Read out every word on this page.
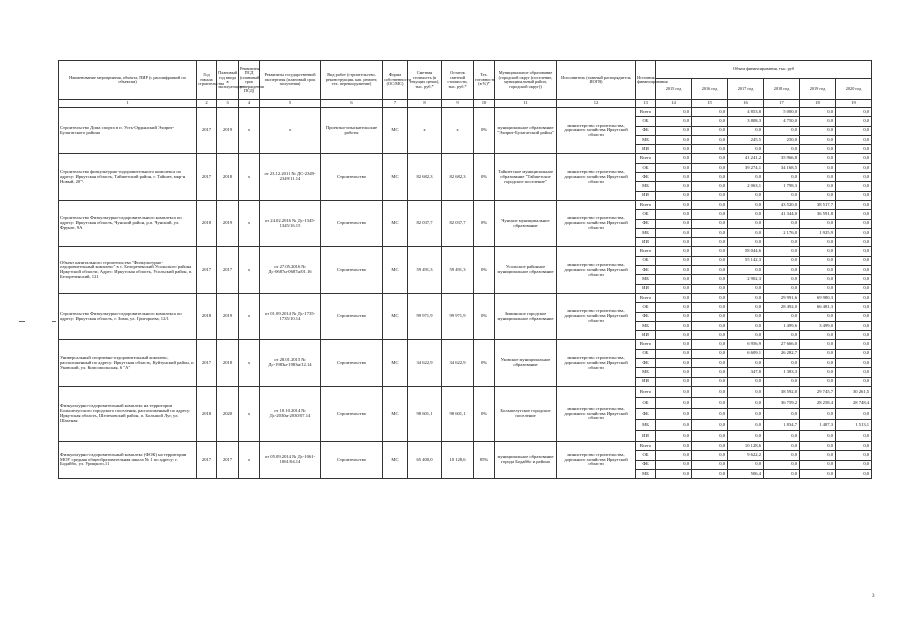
Наименование мероприятия, объекта, ПИР (с расшифровкой по объектам)	Год начала строительства	Плановый год ввода в эксплуатацию	Реквизиты ПСД (плановый срок утверждения ПСД)	Реквизиты государственной экспертизы (плановый срок получения)	Вид работ (строительство, реконструкция, кап. ремонт, тех. перевооружение)	Форма собственности (ОС/МС)	Сметная стоимость (в текущих ценах), тыс. руб.*	Остаток сметной стоимости, тыс. руб.*	Тех. готовность (в %)*	Муниципальное образование (городской округ (поселение, муниципальный район, городской округ))	Исполнитель (главный распорядитель ИОГВ)	Источник финансирования	Объем финансирования, тыс. руб					
													2015 год	2016 год	2017 год	2018 год	2019 год	2020 год
1	2	3	4	5	6	7	8	9	10	11	12	13	14	15	16	17	18	19
Строительство Дома спорта в п. Усть-Ордынский Эхирит-Булагатского района	2017	2019	х	х	Проектно-изыскательские работы	МС	х	х	0%	муниципальное образование "Эхирит-Булагатский район"	министерство строительства, дорожного хозяйства Иркутской области	Всего	0,0	0,0	4 853,8	5 000,0	0,0	0,0
												ОБ	0,0	0,0	3 808,3	4 750,0	0,0	0,0
												ФБ	0,0	0,0	0,0	0,0	0,0	0,0
												МБ	0,0	0,0	245,5	250,0	0,0	0,0
												ИИ	0,0	0,0	0,0	0,0	0,0	0,0
Строительство физкультурно-оздоровительного комплекса по адресу: Иркутская область, Тайшетский район, г. Тайшет, мкр-н Новый, 20"\	2017	2018	х	от 23.12.2011 № ДС-2349-2349/11.14	Строительство	МС	82 682,3	82 682,3	0%	Тайшетское муниципальное образование "Тайшетское городское поселение"	министерство строительства, дорожного хозяйства Иркутской области	Всего	0,0	0,0	41 241,2	35 966,8	0,0	0,0
												ОБ	0,0	0,0	39 274,1	34 168,5	0,0	0,0
												ФБ	0,0	0,0	0,0	0,0	0,0	0,0
												МБ	0,0	0,0	2 063,1	1 798,3	0,0	0,0
												ИИ	0,0	0,0	0,0	0,0	0,0	0,0
Строительство Физкультурно-оздоровительного комплекса по адресу: Иркутская область, Чунский район, р.п. Чунский, ул. Фрунзе, 9А	2018	2019	х	от 24.02.2016 № Дс-1345-1345/16.15	Строительство	МС	82 037,7	82 037,7	0%	Чунское муниципальное образование	министерство строительства, дорожного хозяйства Иркутской области	Всего	0,0	0,0	0,0	43 520,0	38 517,7	0,0
												ОБ	0,0	0,0	0,0	41 344,0	36 591,8	0,0
												ФБ	0,0	0,0	0,0	0,0	0,0	0,0
												МБ	0,0	0,0	0,0	2 176,0	1 925,9	0,0
												ИИ	0,0	0,0	0,0	0,0	0,0	0,0
Объект капитального строительства "Физкультурно-оздоровительный комплекс" в с. Белореченский Усольского района Иркутской области, Адрес: Иркутская область, Усольский район, п. Белореченский, 121	2017	2017	х	от 27.05.2016 № Дс-0687н-0687н/01.16	Строительство	МС	59 491,3	59 491,3	0%	Усольское районное муниципальное образование	министерство строительства, дорожного хозяйства Иркутской области	Всего	0,0	0,0	58 044,6	0,0	0,0	0,0
												ОБ	0,0	0,0	55 142,3	0,0	0,0	0,0
												ФБ	0,0	0,0	0,0	0,0	0,0	0,0
												МБ	0,0	0,0	2 902,3	0,0	0,0	0,0
												ИИ	0,0	0,0	0,0	0,0	0,0	0,0
Строительство Физкультурно-оздоровительного комплекса по адресу: Иркутская область, г. Зима, ул. Григорьева, 12/1	2018	2019	х	от 01.09.2014 № Дс-1735-1735/10.14	Строительство	МС	99 971,9	99 971,9	0%	Зиминское городское муниципальное образование	министерство строительства, дорожного хозяйства Иркутской области	Всего	0,0	0,0	0,0	29 991,6	69 980,3	0,0
												ОБ	0,0	0,0	0,0	28 492,0	66 481,3	0,0
												ФБ	0,0	0,0	0,0	0,0	0,0	0,0
												МБ	0,0	0,0	0,0	1 499,6	3 499,0	0,0
												ИИ	0,0	0,0	0,0	0,0	0,0	0,0
Универсальный спортивно-оздоровительный комплекс, расположенный по адресу: Иркутская область, Куйтунский район, п. Уковский, ул. Комсомольская, 6 "А"	2017	2018	х	от 28.01.2015 № Дс-1983н-1983н/12.14	Строительство	МС	34 622,9	34 622,9	0%	Уковское муниципальное образование	министерство строительства, дорожного хозяйства Иркутской области	Всего	0,0	0,0	6 956,9	27 666,0	0,0	0,0
												ОБ	0,0	0,0	6 609,1	26 282,7	0,0	0,0
												ФБ	0,0	0,0	0,0	0,0	0,0	0,0
												МБ	0,0	0,0	347,8	1 383,3	0,0	0,0
												ИИ	0,0	0,0	0,0	0,0	0,0	0,0
Физкультурно-оздоровительный комплекс на территории Большелугского городского поселения, расположенный по адресу: Иркутская область, Шелеховский район, п. Большой Луг, ул. Шахтная	2018	2020	х	от 10.10.2014 № Дс-2030н-2030/07.14	Строительство	МС	98 601,1	98 601,1	0%	Большелугское городское поселение	министерство строительства, дорожного хозяйства Иркутской области	Всего	0,0	0,0	0,0	38 592,0	29 745,7	30 261,5
												ОБ	0,0	0,0	0,0	36 759,2	28 258,4	28 748,4
												ФБ	0,0	0,0	0,0	0,0	0,0	0,0
												МБ	0,0	0,0	0,0	1 834,7	1 487,3	1 513,1
												ИИ	0,0	0,0	0,0	0,0	0,0	0,0
Физкультурно-оздоровительный комплекс (ФОК) на территории МОУ средняя общеобразовательная школа № 1 по адресу: г. Бодайбо, ул. Урицкого,11	2017	2017	х	от 05.09.2014 № Дс-1061-1061/04.14	Строительство	МС	65 400,0	10 128,6	85%	муниципальное образование города Бодайбо и района	министерство строительства, дорожного хозяйства Иркутской области	Всего	0,0	0,0	10 128,6	0,0	0,0	0,0
												ОБ	0,0	0,0	9 622,2	0,0	0,0	0,0
												ФБ	0,0	0,0	0,0	0,0	0,0	0,0
												МБ	0,0	0,0	506,4	0,0	0,0	0,0
3
